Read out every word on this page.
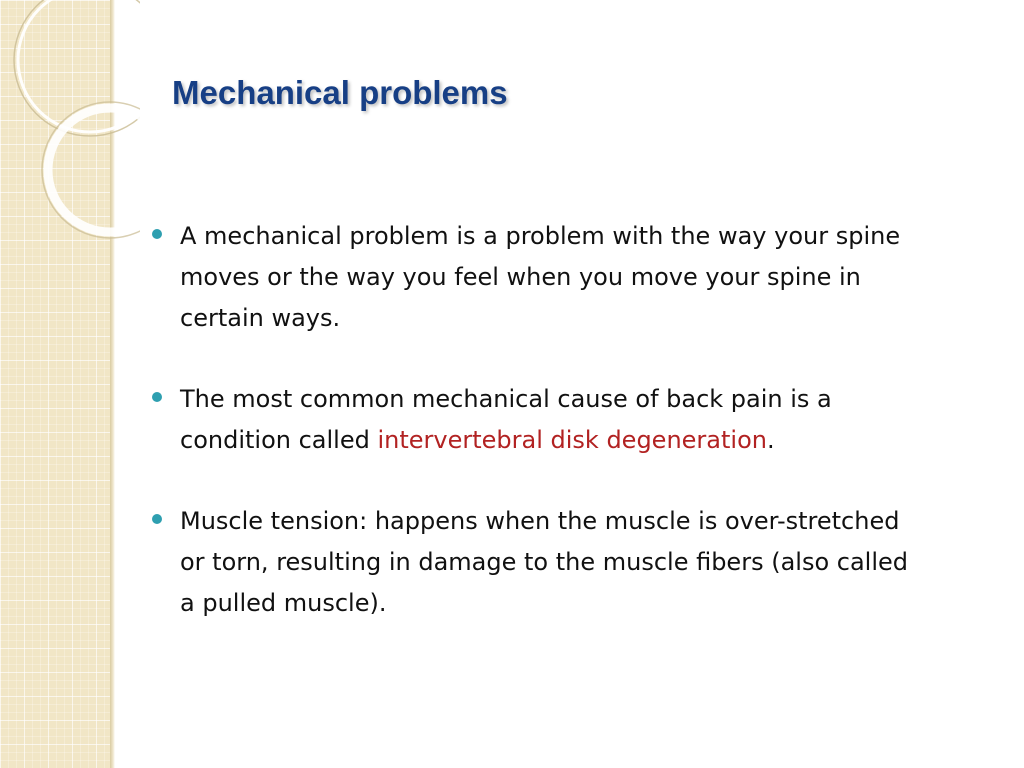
Mechanical problems
A mechanical problem is a problem with the way your spine moves or the way you feel when you move your spine in certain ways.
The most common mechanical cause of back pain is a condition called intervertebral disk degeneration.
Muscle tension: happens when the muscle is over-stretched or torn, resulting in damage to the muscle fibers (also called a pulled muscle).
